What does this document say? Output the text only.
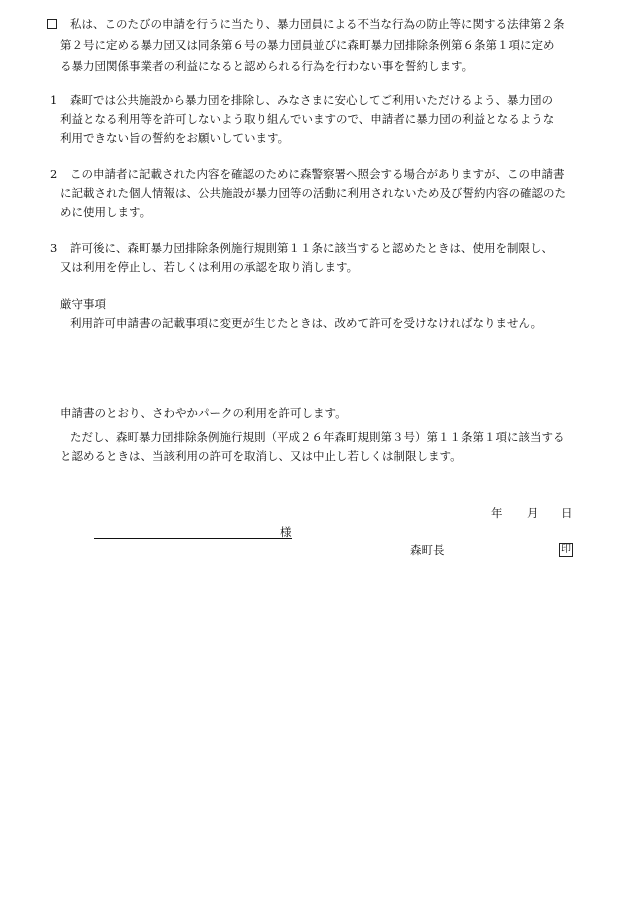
私は、このたびの申請を行うに当たり、暴力団員による不当な行為の防止等に関する法律第２条
第２号に定める暴力団又は同条第６号の暴力団員並びに森町暴力団排除条例第６条第１項に定め
る暴力団関係事業者の利益になると認められる行為を行わない事を誓約します。
1 森町では公共施設から暴力団を排除し、みなさまに安心してご利用いただけるよう、暴力団の
利益となる利用等を許可しないよう取り組んでいますので、申請者に暴力団の利益となるような
利用できない旨の誓約をお願いしています。
2 この申請者に記載された内容を確認のために森警察署へ照会する場合がありますが、この申請書
に記載された個人情報は、公共施設が暴力団等の活動に利用されないため及び誓約内容の確認のた
めに使用します。
3 許可後に、森町暴力団排除条例施行規則第１１条に該当すると認めたときは、使用を制限し、
又は利用を停止し、若しくは利用の承認を取り消します。
厳守事項
利用許可申請書の記載事項に変更が生じたときは、改めて許可を受けなければなりません。
申請書のとおり、さわやかパークの利用を許可します。
ただし、森町暴力団排除条例施行規則（平成２６年森町規則第３号）第１１条第１項に該当する
と認めるときは、当該利用の許可を取消し、又は中止し若しくは制限します。
年 月 日
様
森町長	印
